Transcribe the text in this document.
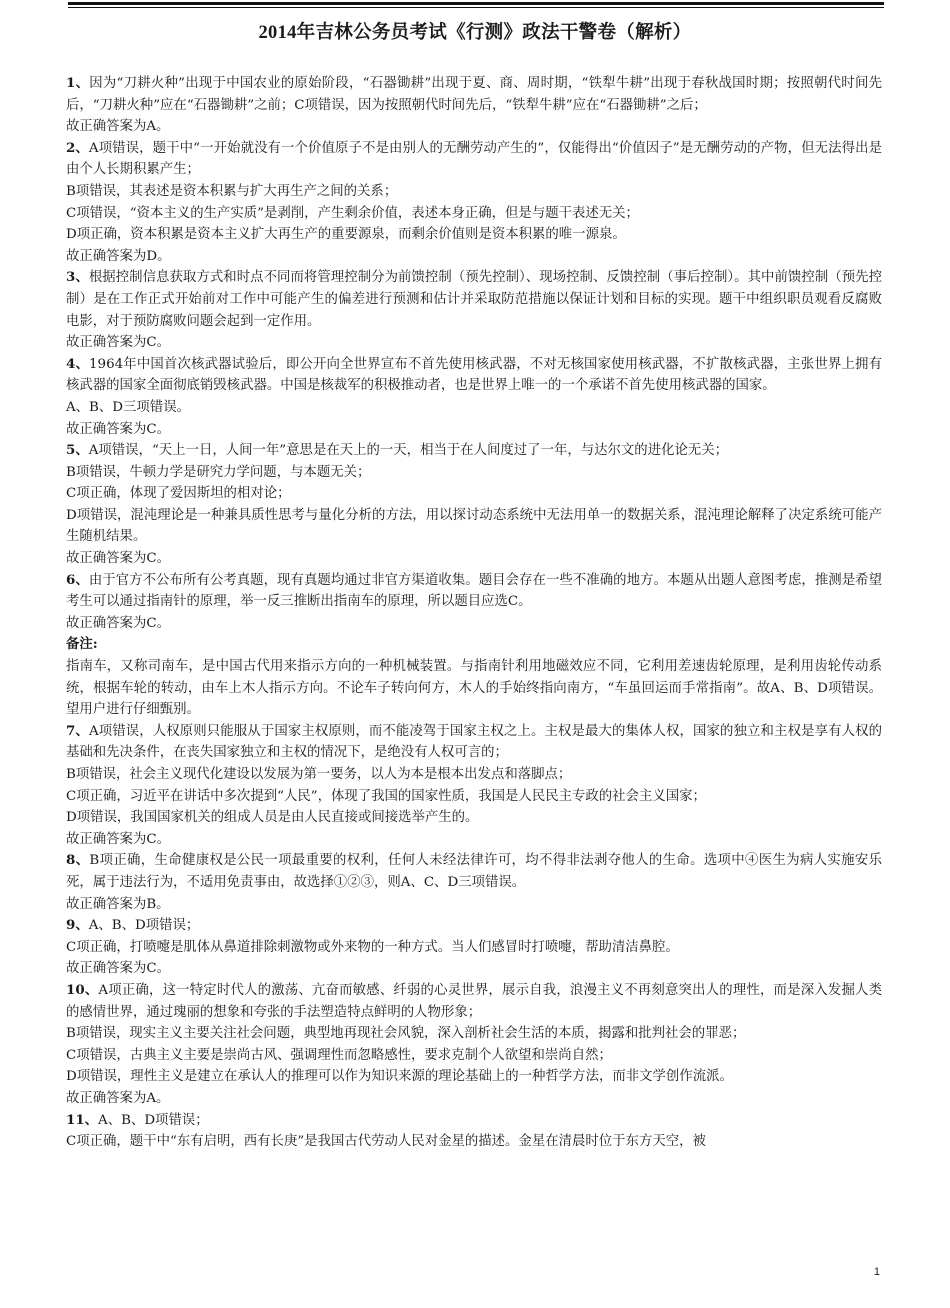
2014年吉林公务员考试《行测》政法干警卷（解析）

1、因为“刀耕火种”出现于中国农业的原始阶段，“石器锄耕”出现于夏、商、周时期，“铁犁牛耕”出现于春秋战国时期；按照朝代时间先后，“刀耕火种”应在“石器锄耕”之前；C项错误，因为按照朝代时间先后，“铁犁牛耕”应在“石器锄耕”之后；

故正确答案为A。

2、A项错误，题干中“一开始就没有一个价值原子不是由别人的无酬劳动产生的”，仅能得出“价值因子”是无酬劳动的产物，但无法得出是由个人长期积累产生；

B项错误，其表述是资本积累与扩大再生产之间的关系；

C项错误，“资本主义的生产实质”是剥削，产生剩余价值，表述本身正确，但是与题干表述无关；

D项正确，资本积累是资本主义扩大再生产的重要源泉，而剩余价值则是资本积累的唯一源泉。

故正确答案为D。

3、根据控制信息获取方式和时点不同而将管理控制分为前馈控制（预先控制）、现场控制、反馈控制（事后控制）。其中前馈控制（预先控制）是在工作正式开始前对工作中可能产生的偏差进行预测和估计并采取防范措施以保证计划和目标的实现。题干中组织职员观看反腐败电影，对于预防腐败问题会起到一定作用。

故正确答案为C。

4、1964年中国首次核武器试验后，即公开向全世界宣布不首先使用核武器，不对无核国家使用核武器，不扩散核武器，主张世界上拥有核武器的国家全面彻底销毁核武器。中国是核裁军的积极推动者，也是世界上唯一的一个承诺不首先使用核武器的国家。

A、B、D三项错误。

故正确答案为C。

5、A项错误，“天上一日，人间一年”意思是在天上的一天，相当于在人间度过了一年，与达尔文的进化论无关；

B项错误，牛顿力学是研究力学问题，与本题无关；

C项正确，体现了爱因斯坦的相对论；

D项错误，混沌理论是一种兼具质性思考与量化分析的方法，用以探讨动态系统中无法用单一的数据关系，混沌理论解释了决定系统可能产生随机结果。

故正确答案为C。

6、由于官方不公布所有公考真题，现有真题均通过非官方渠道收集。题目会存在一些不准确的地方。本题从出题人意图考虑，推测是希望考生可以通过指南针的原理，举一反三推断出指南车的原理，所以题目应选C。

故正确答案为C。

备注:

指南车，又称司南车，是中国古代用来指示方向的一种机械装置。与指南针利用地磁效应不同，它利用差速齿轮原理，是利用齿轮传动系统，根据车轮的转动，由车上木人指示方向。不论车子转向何方，木人的手始终指向南方，“车虽回运而手常指南”。故A、B、D项错误。望用户进行仔细甄别。

7、A项错误，人权原则只能服从于国家主权原则，而不能凌驾于国家主权之上。主权是最大的集体人权，国家的独立和主权是享有人权的基础和先决条件，在丧失国家独立和主权的情况下，是绝没有人权可言的；

B项错误，社会主义现代化建设以发展为第一要务，以人为本是根本出发点和落脚点；

C项正确，习近平在讲话中多次提到“人民”，体现了我国的国家性质，我国是人民民主专政的社会主义国家；

D项错误，我国国家机关的组成人员是由人民直接或间接选举产生的。

故正确答案为C。

8、B项正确，生命健康权是公民一项最重要的权利，任何人未经法律许可，均不得非法剥夺他人的生命。选项中④医生为病人实施安乐死，属于违法行为，不适用免责事由，故选择①②③，则A、C、D三项错误。

故正确答案为B。

9、A、B、D项错误；

C项正确，打喷嚏是肌体从鼻道排除刺激物或外来物的一种方式。当人们感冒时打喷嚏，帮助清洁鼻腔。

故正确答案为C。

10、A项正确，这一特定时代人的激荡、亢奋而敏感、纤弱的心灵世界，展示自我，浪漫主义不再刻意突出人的理性，而是深入发掘人类的感情世界，通过瑰丽的想象和夸张的手法塑造特点鲜明的人物形象；

B项错误，现实主义主要关注社会问题，典型地再现社会风貌，深入剖析社会生活的本质，揭露和批判社会的罪恶；

C项错误，古典主义主要是崇尚古风、强调理性而忽略感性，要求克制个人欲望和崇尚自然；

D项错误，理性主义是建立在承认人的推理可以作为知识来源的理论基础上的一种哲学方法，而非文学创作流派。

故正确答案为A。

11、A、B、D项错误；

C项正确，题干中“东有启明，西有长庚”是我国古代劳动人民对金星的描述。金星在清晨时位于东方天空，被

1
